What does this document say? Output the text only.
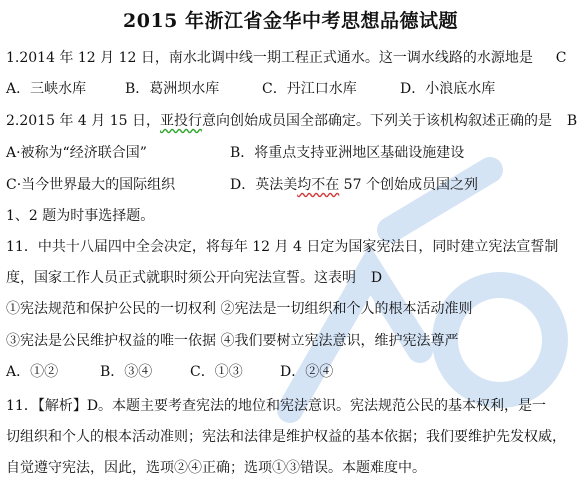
2015 年浙江省金华中考思想品德试题
1.2014 年 12 月 12 日，南水北调中线一期工程正式通水。这一调水线路的水源地是 C
A．三峡水库	B．葛洲坝水库	C．丹江口水库	D．小浪底水库
2.2015 年 4 月 15 日，亚投行意向创始成员国全部确定。下列关于该机构叙述正确的是 B
A·被称为“经济联合国”	B．将重点支持亚洲地区基础设施建设
C·当今世界最大的国际组织	D．英法美均不在 57 个创始成员国之列
1、2 题为时事选择题。
11．中共十八届四中全会决定，将每年 12 月 4 日定为国家宪法日，同时建立宪法宣誓制
度，国家工作人员正式就职时须公开向宪法宣誓。这表明 D
①宪法规范和保护公民的一切权利 ②宪法是一切组织和个人的根本活动准则
③宪法是公民维护权益的唯一依据 ④我们要树立宪法意识，维护宪法尊严
A．①②	B．③④	C．①③	D．②④
11．【解析】D。本题主要考查宪法的地位和宪法意识。宪法规范公民的基本权利，是一
切组织和个人的根本活动准则；宪法和法律是维护权益的基本依据；我们要维护先发权威，
自觉遵守宪法，因此，选项②④正确；选项①③错误。本题难度中。
